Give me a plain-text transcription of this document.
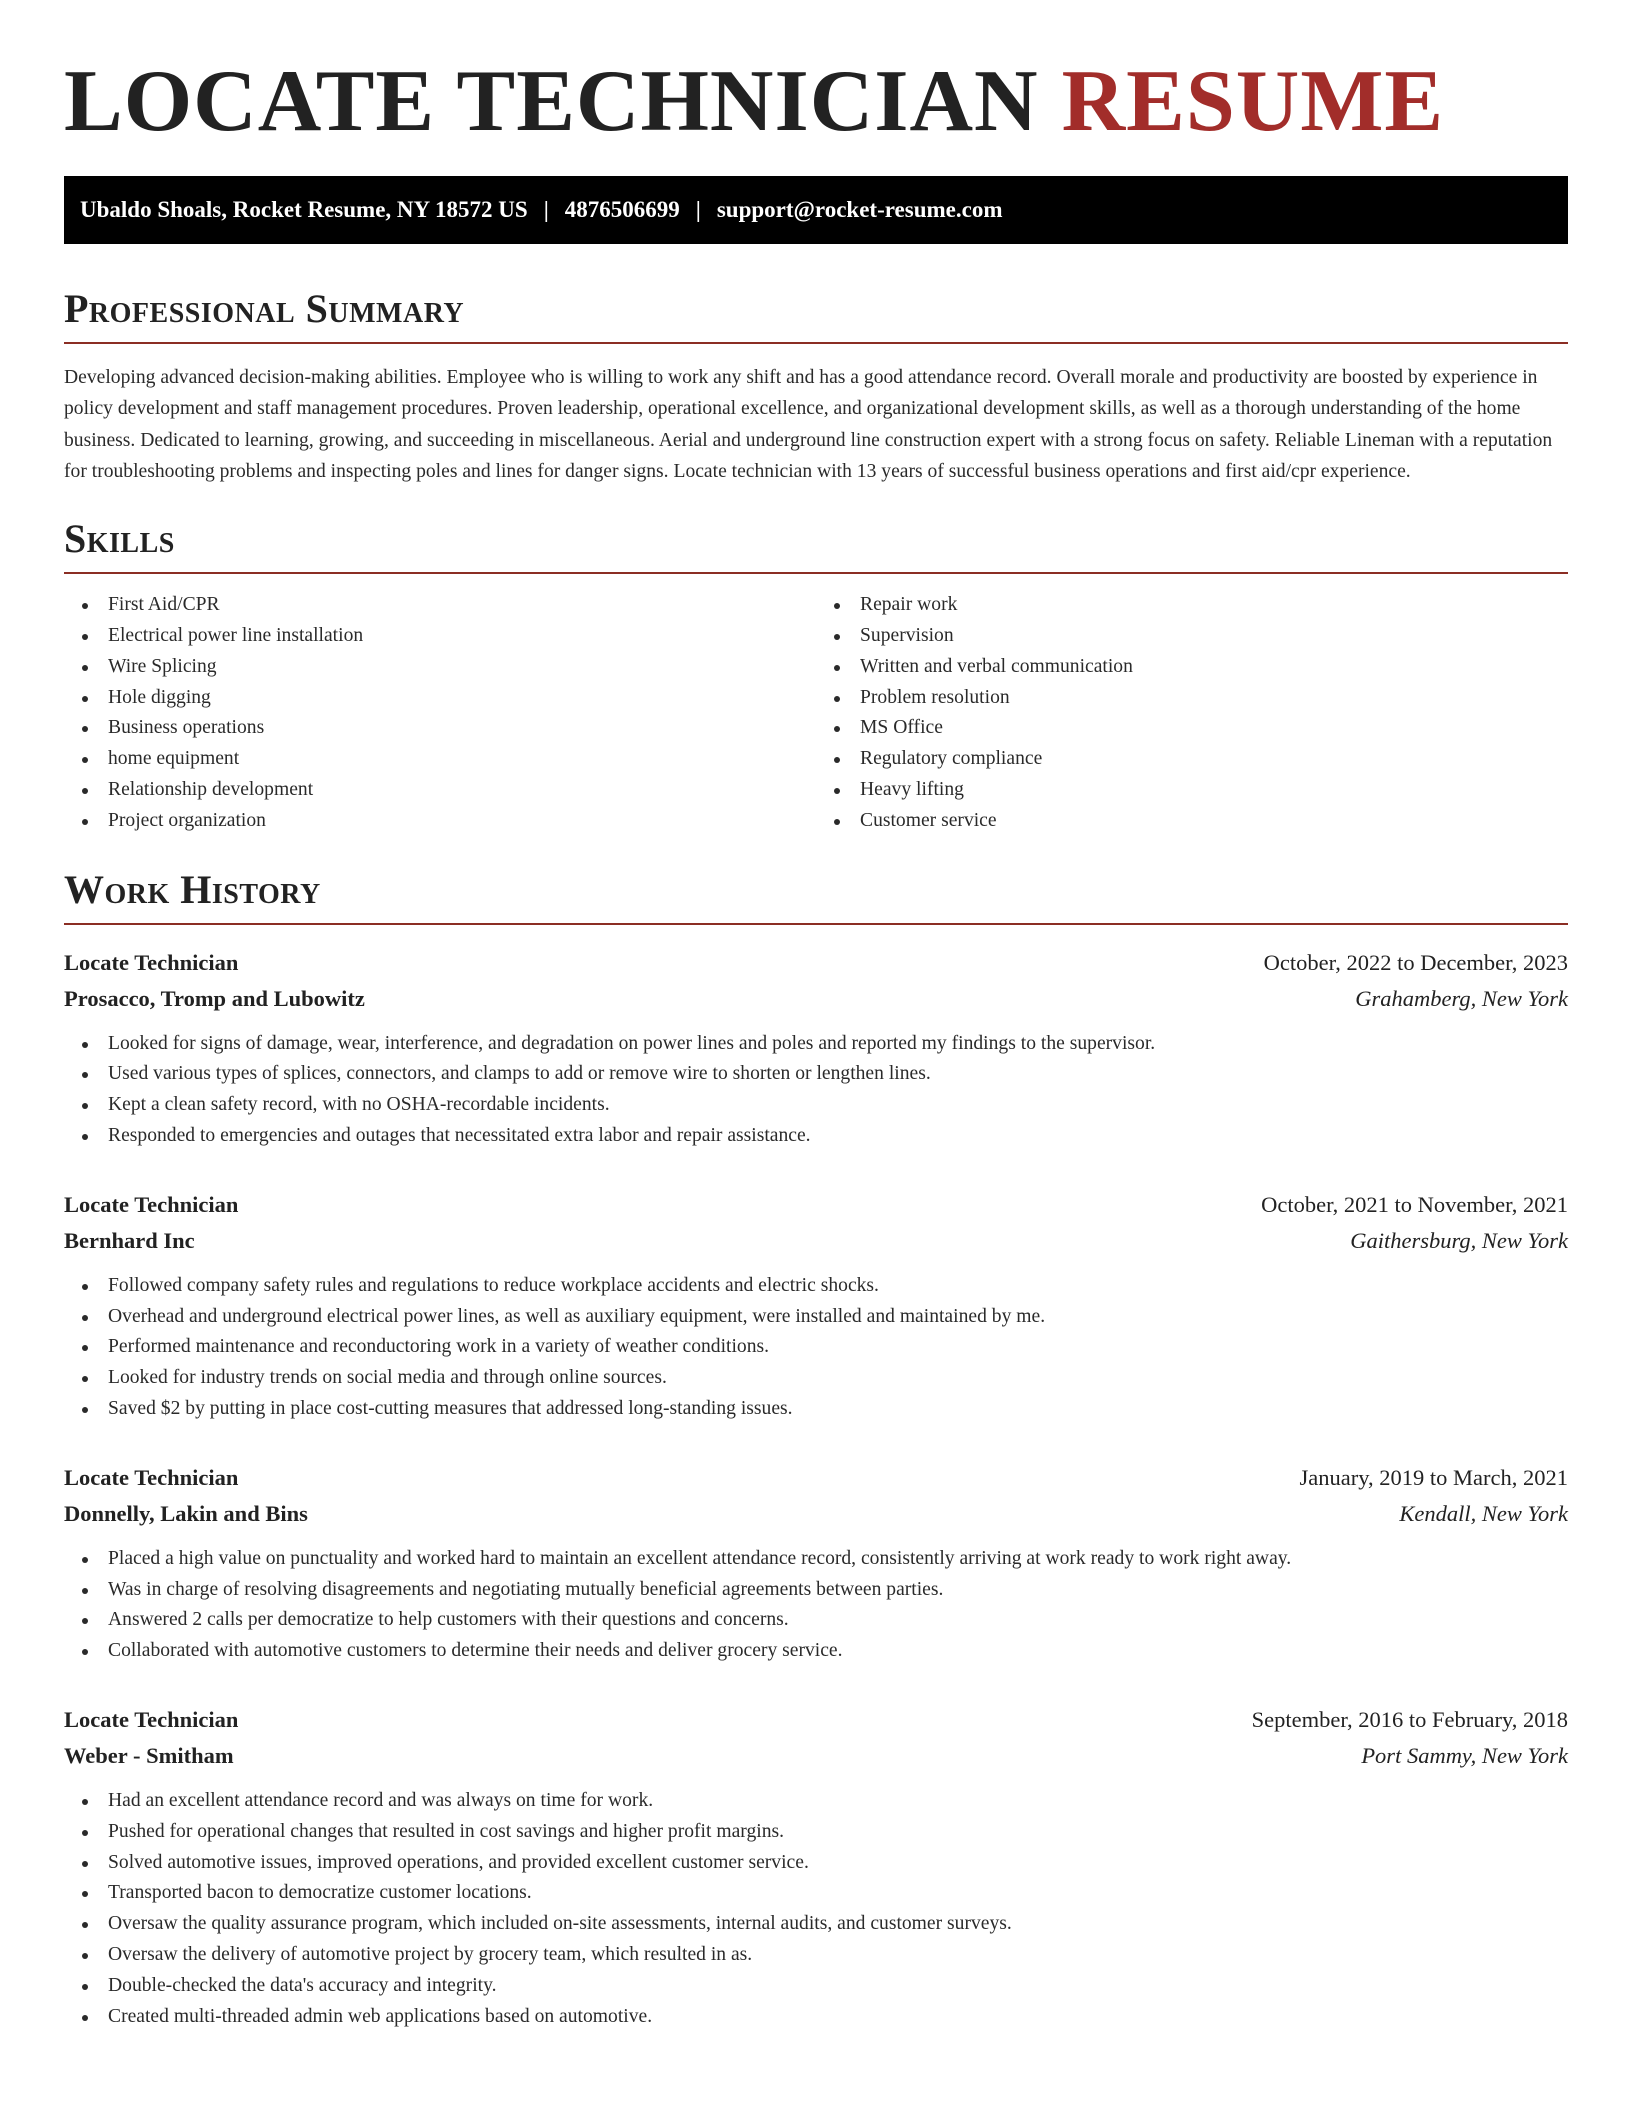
LOCATE TECHNICIAN RESUME
Ubaldo Shoals, Rocket Resume, NY 18572 US | 4876506699 | support@rocket-resume.com
Professional Summary

Developing advanced decision-making abilities. Employee who is willing to work any shift and has a good attendance record. Overall morale and productivity are boosted by experience in policy development and staff management procedures. Proven leadership, operational excellence, and organizational development skills, as well as a thorough understanding of the home business. Dedicated to learning, growing, and succeeding in miscellaneous. Aerial and underground line construction expert with a strong focus on safety. Reliable Lineman with a reputation for troubleshooting problems and inspecting poles and lines for danger signs. Locate technician with 13 years of successful business operations and first aid/cpr experience.

Skills
First Aid/CPR
Electrical power line installation
Wire Splicing
Hole digging
Business operations
home equipment
Relationship development
Project organization
Repair work
Supervision
Written and verbal communication
Problem resolution
MS Office
Regulatory compliance
Heavy lifting
Customer service
Work History
Locate Technician	October, 2022 to December, 2023
Prosacco, Tromp and Lubowitz	Grahamberg, New York
Looked for signs of damage, wear, interference, and degradation on power lines and poles and reported my findings to the supervisor.
Used various types of splices, connectors, and clamps to add or remove wire to shorten or lengthen lines.
Kept a clean safety record, with no OSHA-recordable incidents.
Responded to emergencies and outages that necessitated extra labor and repair assistance.
Locate Technician	October, 2021 to November, 2021
Bernhard Inc	Gaithersburg, New York
Followed company safety rules and regulations to reduce workplace accidents and electric shocks.
Overhead and underground electrical power lines, as well as auxiliary equipment, were installed and maintained by me.
Performed maintenance and reconductoring work in a variety of weather conditions.
Looked for industry trends on social media and through online sources.
Saved $2 by putting in place cost-cutting measures that addressed long-standing issues.
Locate Technician	January, 2019 to March, 2021
Donnelly, Lakin and Bins	Kendall, New York
Placed a high value on punctuality and worked hard to maintain an excellent attendance record, consistently arriving at work ready to work right away.
Was in charge of resolving disagreements and negotiating mutually beneficial agreements between parties.
Answered 2 calls per democratize to help customers with their questions and concerns.
Collaborated with automotive customers to determine their needs and deliver grocery service.
Locate Technician	September, 2016 to February, 2018
Weber - Smitham	Port Sammy, New York
Had an excellent attendance record and was always on time for work.
Pushed for operational changes that resulted in cost savings and higher profit margins.
Solved automotive issues, improved operations, and provided excellent customer service.
Transported bacon to democratize customer locations.
Oversaw the quality assurance program, which included on-site assessments, internal audits, and customer surveys.
Oversaw the delivery of automotive project by grocery team, which resulted in as.
Double-checked the data's accuracy and integrity.
Created multi-threaded admin web applications based on automotive.
